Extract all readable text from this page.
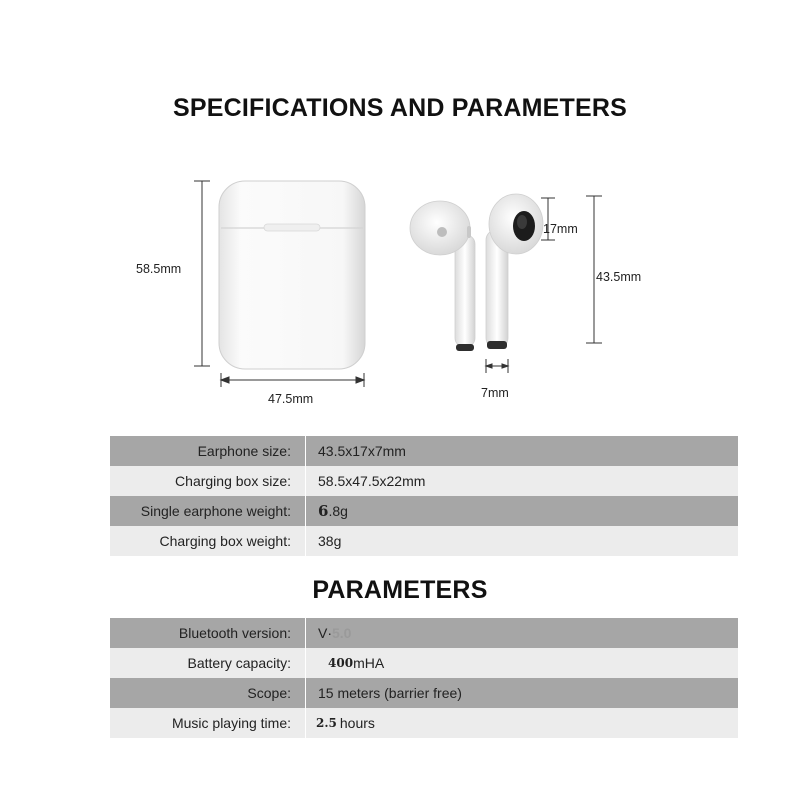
SPECIFICATIONS AND PARAMETERS
58.5mm
47.5mm
17mm
43.5mm
7mm
Earphone size:	43.5x17x7mm
Charging box size:	58.5x47.5x22mm
Single earphone weight:	6 .8g
Charging box weight:	38g
PARAMETERS
Bluetooth version:	V· 5.0
Battery capacity:	400 mHA
Scope:	15 meters (barrier free)
Music playing time:	2.5 hours
